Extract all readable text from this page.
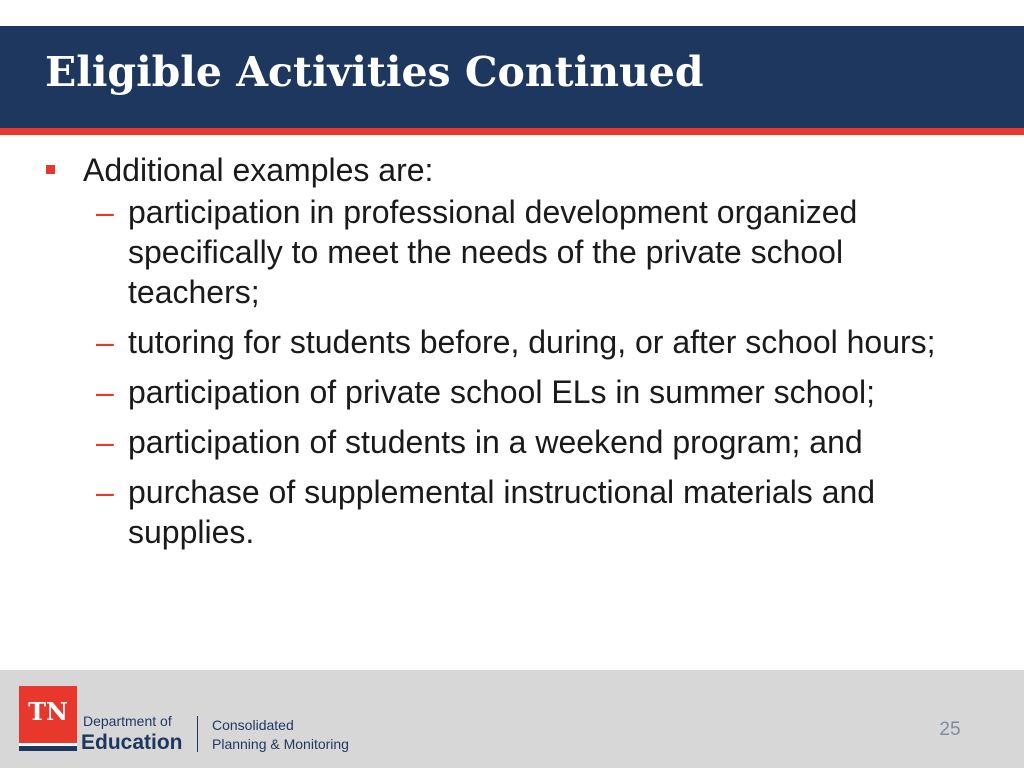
Eligible Activities Continued
Additional examples are:
– participation in professional development organized specifically to meet the needs of the private school teachers;
– tutoring for students before, during, or after school hours;
– participation of private school ELs in summer school;
– participation of students in a weekend program; and
– purchase of supplemental instructional materials and supplies.
TN	Department of
Education
Consolidated
Planning & Monitoring
25
